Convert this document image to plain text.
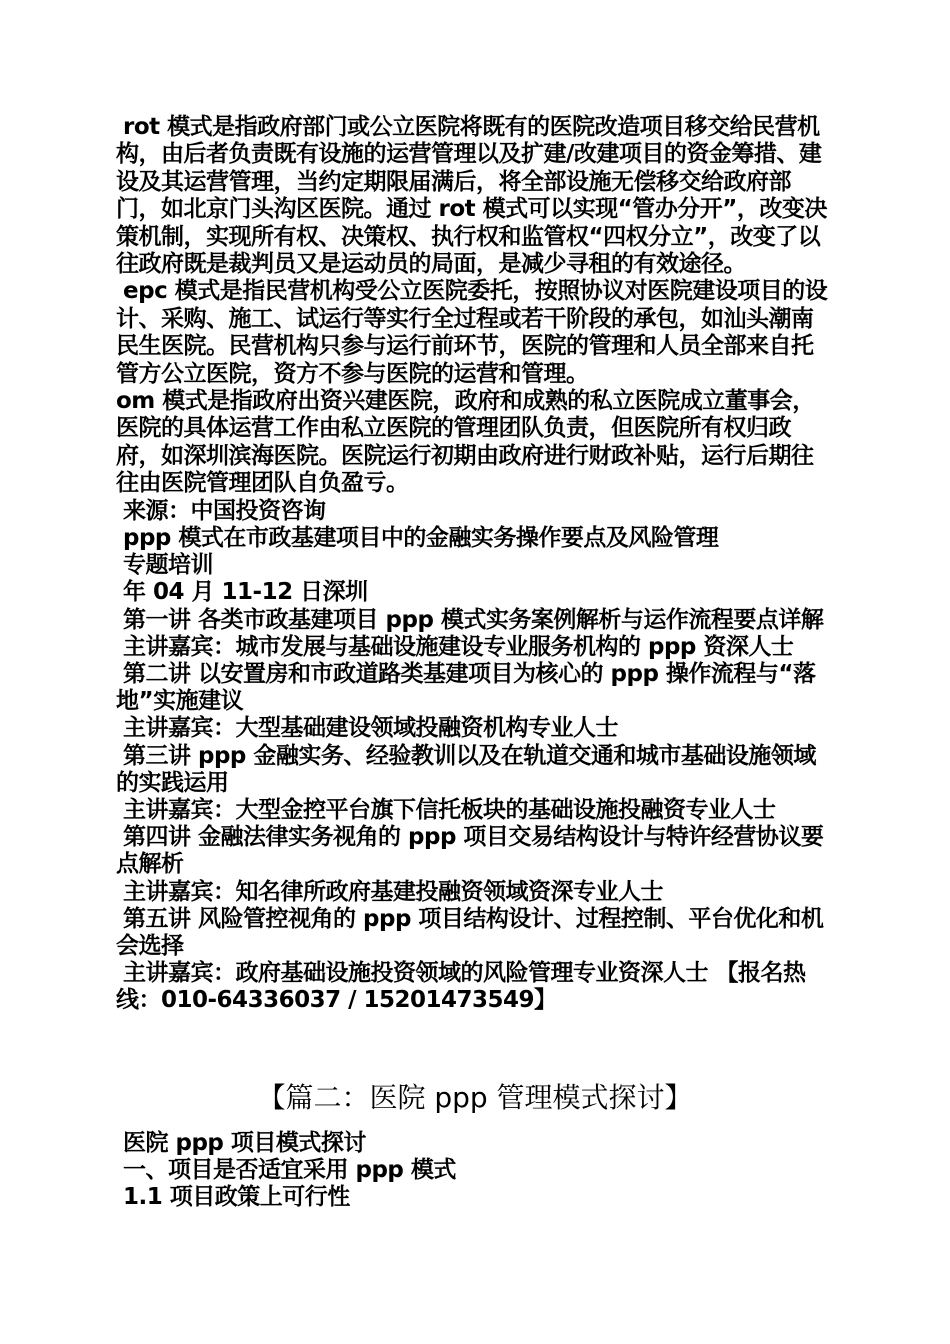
rot 模式是指政府部门或公立医院将既有的医院改造项目移交给民营机构，由后者负责既有设施的运营管理以及扩建/改建项目的资金筹措、建设及其运营管理，当约定期限届满后，将全部设施无偿移交给政府部门，如北京门头沟区医院。通过 rot 模式可以实现“管办分开”，改变决策机制，实现所有权、决策权、执行权和监管权“四权分立”，改变了以往政府既是裁判员又是运动员的局面，是减少寻租的有效途径。

epc 模式是指民营机构受公立医院委托，按照协议对医院建设项目的设计、采购、施工、试运行等实行全过程或若干阶段的承包，如汕头潮南民生医院。民营机构只参与运行前环节，医院的管理和人员全部来自托管方公立医院，资方不参与医院的运营和管理。

om 模式是指政府出资兴建医院，政府和成熟的私立医院成立董事会，医院的具体运营工作由私立医院的管理团队负责，但医院所有权归政府，如深圳滨海医院。医院运行初期由政府进行财政补贴，运行后期往往由医院管理团队自负盈亏。

来源：中国投资咨询

ppp 模式在市政基建项目中的金融实务操作要点及风险管理

专题培训

年 04 月 11-12 日深圳

第一讲 各类市政基建项目 ppp 模式实务案例解析与运作流程要点详解

主讲嘉宾：城市发展与基础设施建设专业服务机构的 ppp 资深人士

第二讲 以安置房和市政道路类基建项目为核心的 ppp 操作流程与“落地”实施建议

主讲嘉宾：大型基础建设领域投融资机构专业人士

第三讲 ppp 金融实务、经验教训以及在轨道交通和城市基础设施领域的实践运用

主讲嘉宾：大型金控平台旗下信托板块的基础设施投融资专业人士

第四讲 金融法律实务视角的 ppp 项目交易结构设计与特许经营协议要点解析

主讲嘉宾：知名律所政府基建投融资领域资深专业人士

第五讲 风险管控视角的 ppp 项目结构设计、过程控制、平台优化和机会选择

主讲嘉宾：政府基础设施投资领域的风险管理专业资深人士 【报名热线：010-64336037 / 15201473549】

【篇二：医院 ppp 管理模式探讨】

医院 ppp 项目模式探讨

一、项目是否适宜采用 ppp 模式

1.1 项目政策上可行性
